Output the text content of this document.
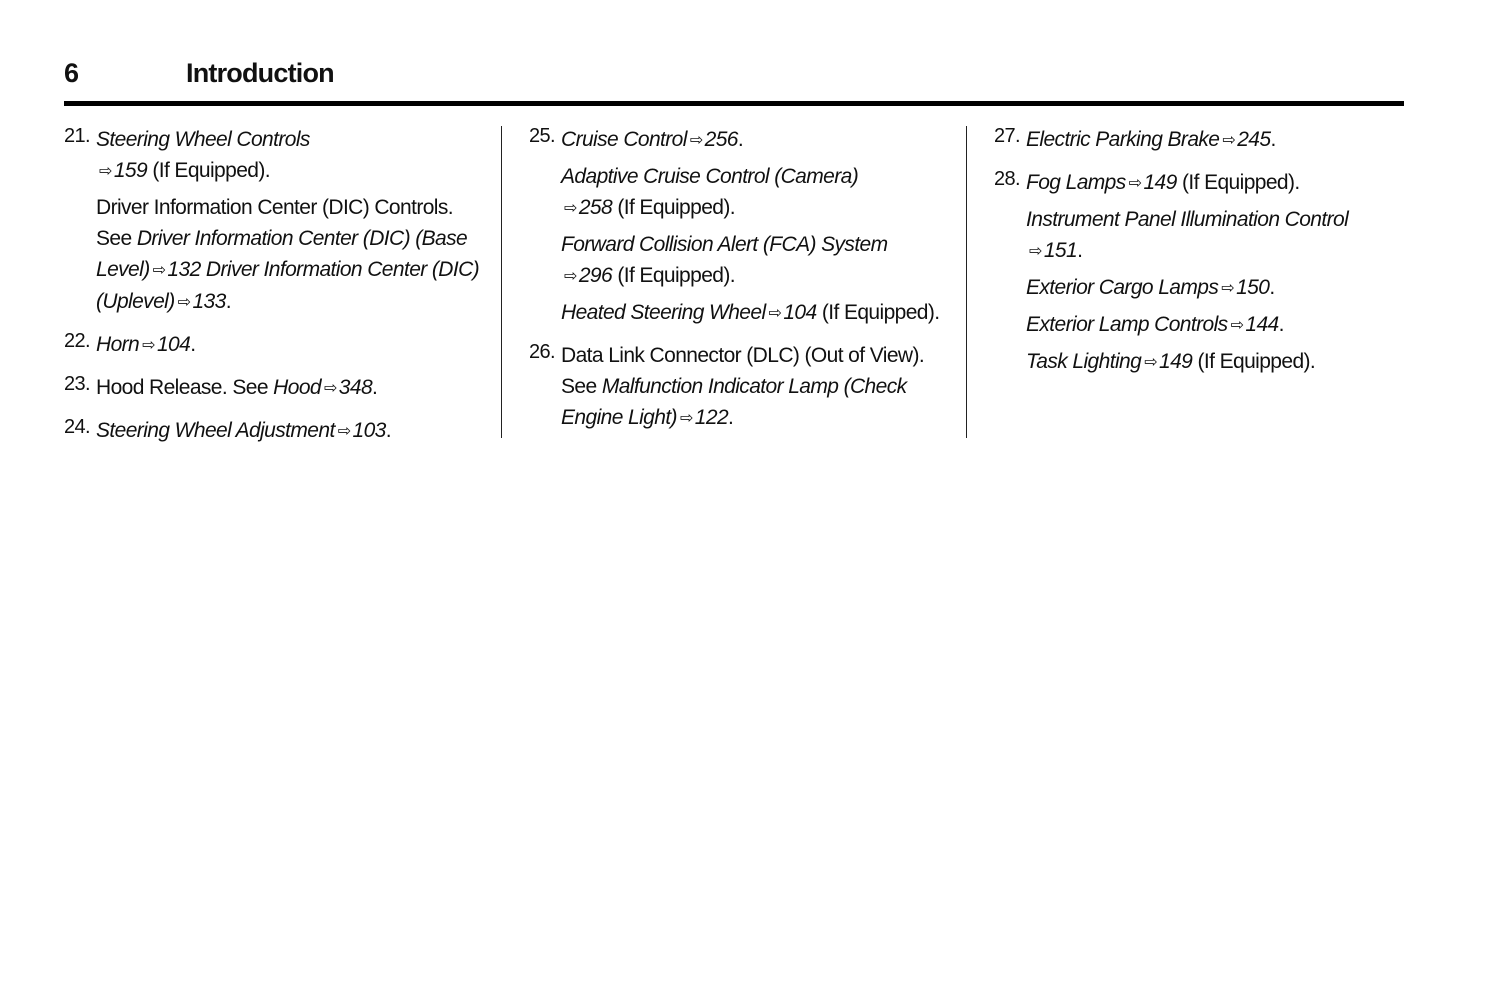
6	Introduction
21. Steering Wheel Controls
⇨159 (If Equipped).
Driver Information Center (DIC) Controls. See Driver Information Center (DIC) (Base Level) ⇨132 Driver Information Center (DIC) (Uplevel) ⇨133.
22. Horn ⇨104.
23. Hood Release. See Hood ⇨348.
24. Steering Wheel Adjustment ⇨103.
25. Cruise Control ⇨256.
Adaptive Cruise Control (Camera)
⇨258 (If Equipped).
Forward Collision Alert (FCA) System
⇨296 (If Equipped).
Heated Steering Wheel ⇨104 (If Equipped).
26. Data Link Connector (DLC) (Out of View). See Malfunction Indicator Lamp (Check Engine Light) ⇨122.
27. Electric Parking Brake ⇨245.
28. Fog Lamps ⇨149 (If Equipped).
Instrument Panel Illumination Control
⇨151.
Exterior Cargo Lamps ⇨150.
Exterior Lamp Controls ⇨144.
Task Lighting ⇨149 (If Equipped).
